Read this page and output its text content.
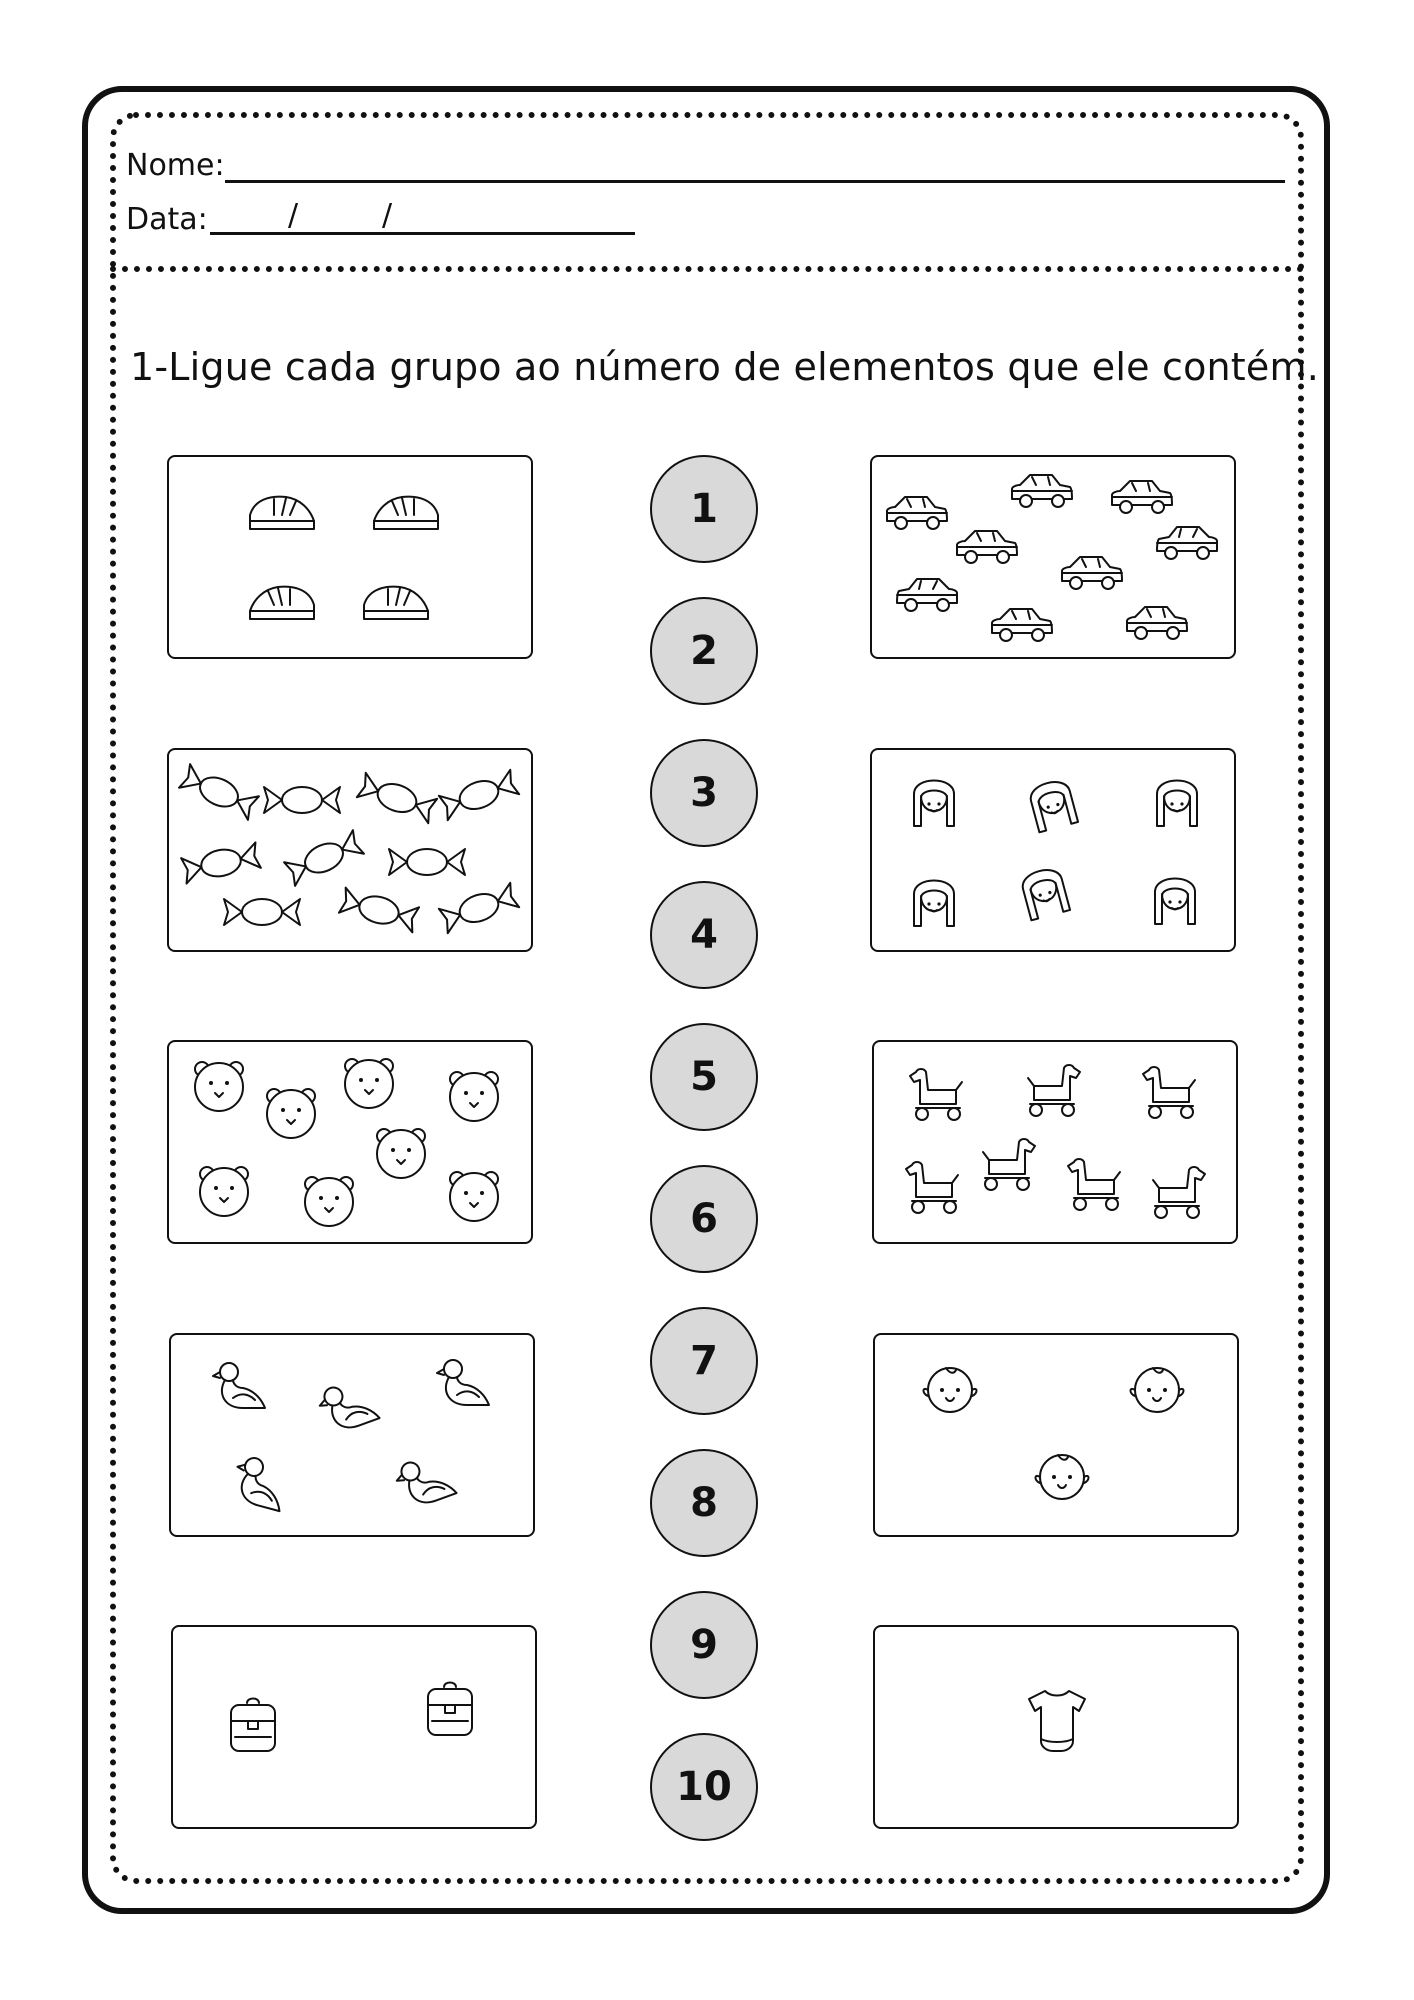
Nome:
Data:	/	/
1-Ligue cada grupo ao número de elementos que ele contém.
1
2
3
4
5
6
7
8
9
10
